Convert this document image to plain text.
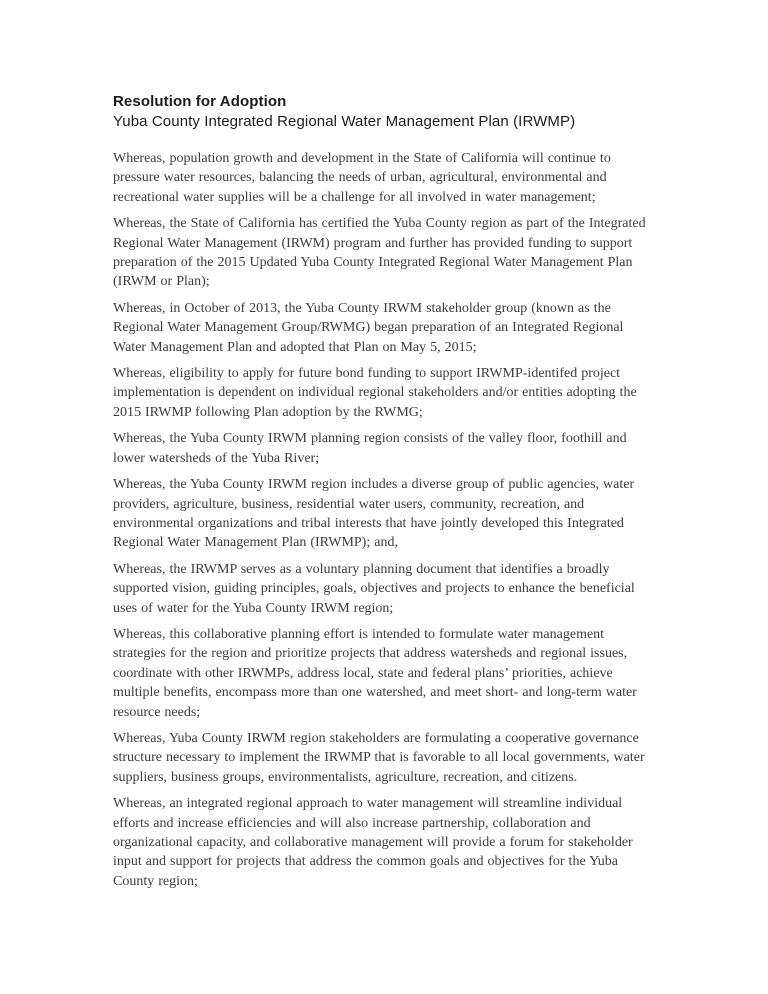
Resolution for Adoption
Yuba County Integrated Regional Water Management Plan (IRWMP)

Whereas, population growth and development in the State of California will continue to pressure water resources, balancing the needs of urban, agricultural, environmental and recreational water supplies will be a challenge for all involved in water management;

Whereas, the State of California has certified the Yuba County region as part of the Integrated Regional Water Management (IRWM) program and further has provided funding to support preparation of the 2015 Updated Yuba County Integrated Regional Water Management Plan (IRWM or Plan);

Whereas, in October of 2013, the Yuba County IRWM stakeholder group (known as the Regional Water Management Group/RWMG) began preparation of an Integrated Regional Water Management Plan and adopted that Plan on May 5, 2015;

Whereas, eligibility to apply for future bond funding to support IRWMP-identifed project implementation is dependent on individual regional stakeholders and/or entities adopting the 2015 IRWMP following Plan adoption by the RWMG;

Whereas, the Yuba County IRWM planning region consists of the valley floor, foothill and lower watersheds of the Yuba River;

Whereas, the Yuba County IRWM region includes a diverse group of public agencies, water providers, agriculture, business, residential water users, community, recreation, and environmental organizations and tribal interests that have jointly developed this Integrated Regional Water Management Plan (IRWMP); and,

Whereas, the IRWMP serves as a voluntary planning document that identifies a broadly supported vision, guiding principles, goals, objectives and projects to enhance the beneficial uses of water for the Yuba County IRWM region;

Whereas, this collaborative planning effort is intended to formulate water management strategies for the region and prioritize projects that address watersheds and regional issues, coordinate with other IRWMPs, address local, state and federal plans’ priorities, achieve multiple benefits, encompass more than one watershed, and meet short- and long-term water resource needs;

Whereas, Yuba County IRWM region stakeholders are formulating a cooperative governance structure necessary to implement the IRWMP that is favorable to all local governments, water suppliers, business groups, environmentalists, agriculture, recreation, and citizens.

Whereas, an integrated regional approach to water management will streamline individual efforts and increase efficiencies and will also increase partnership, collaboration and organizational capacity, and collaborative management will provide a forum for stakeholder input and support for projects that address the common goals and objectives for the Yuba County region;
